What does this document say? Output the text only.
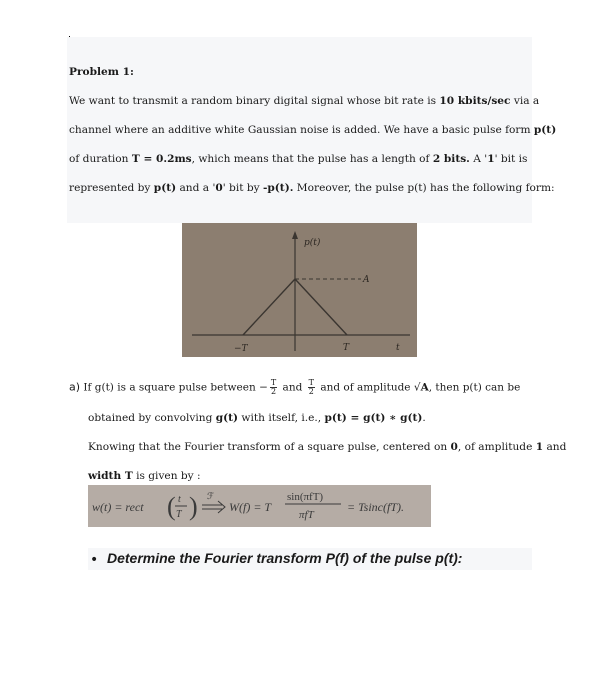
Problem 1:
We want to transmit a random binary digital signal whose bit rate is 10 kbits/sec via a
channel where an additive white Gaussian noise is added. We have a basic pulse form p(t)
of duration T = 0.2ms, which means that the pulse has a length of 2 bits. A '1' bit is
represented by p(t) and a '0' bit by -p(t). Moreover, the pulse p(t) has the following form:
p(t)
A
−T	T	t
a) If g(t) is a square pulse between − $\frac{T}{2}$ and $\frac{T}{2}$ and of amplitude √A, then p(t) can be
obtained by convolving g(t) with itself, i.e., p(t) = g(t) ∗ g(t).
Knowing that the Fourier transform of a square pulse, centered on 0, of amplitude 1 and
width T is given by :
w(t) = rect ( t
T ) ℱ
W(f) = T
sin(πfT)
πfT
= Tsinc(fT).
• Determine the Fourier transform P(f) of the pulse p(t):
